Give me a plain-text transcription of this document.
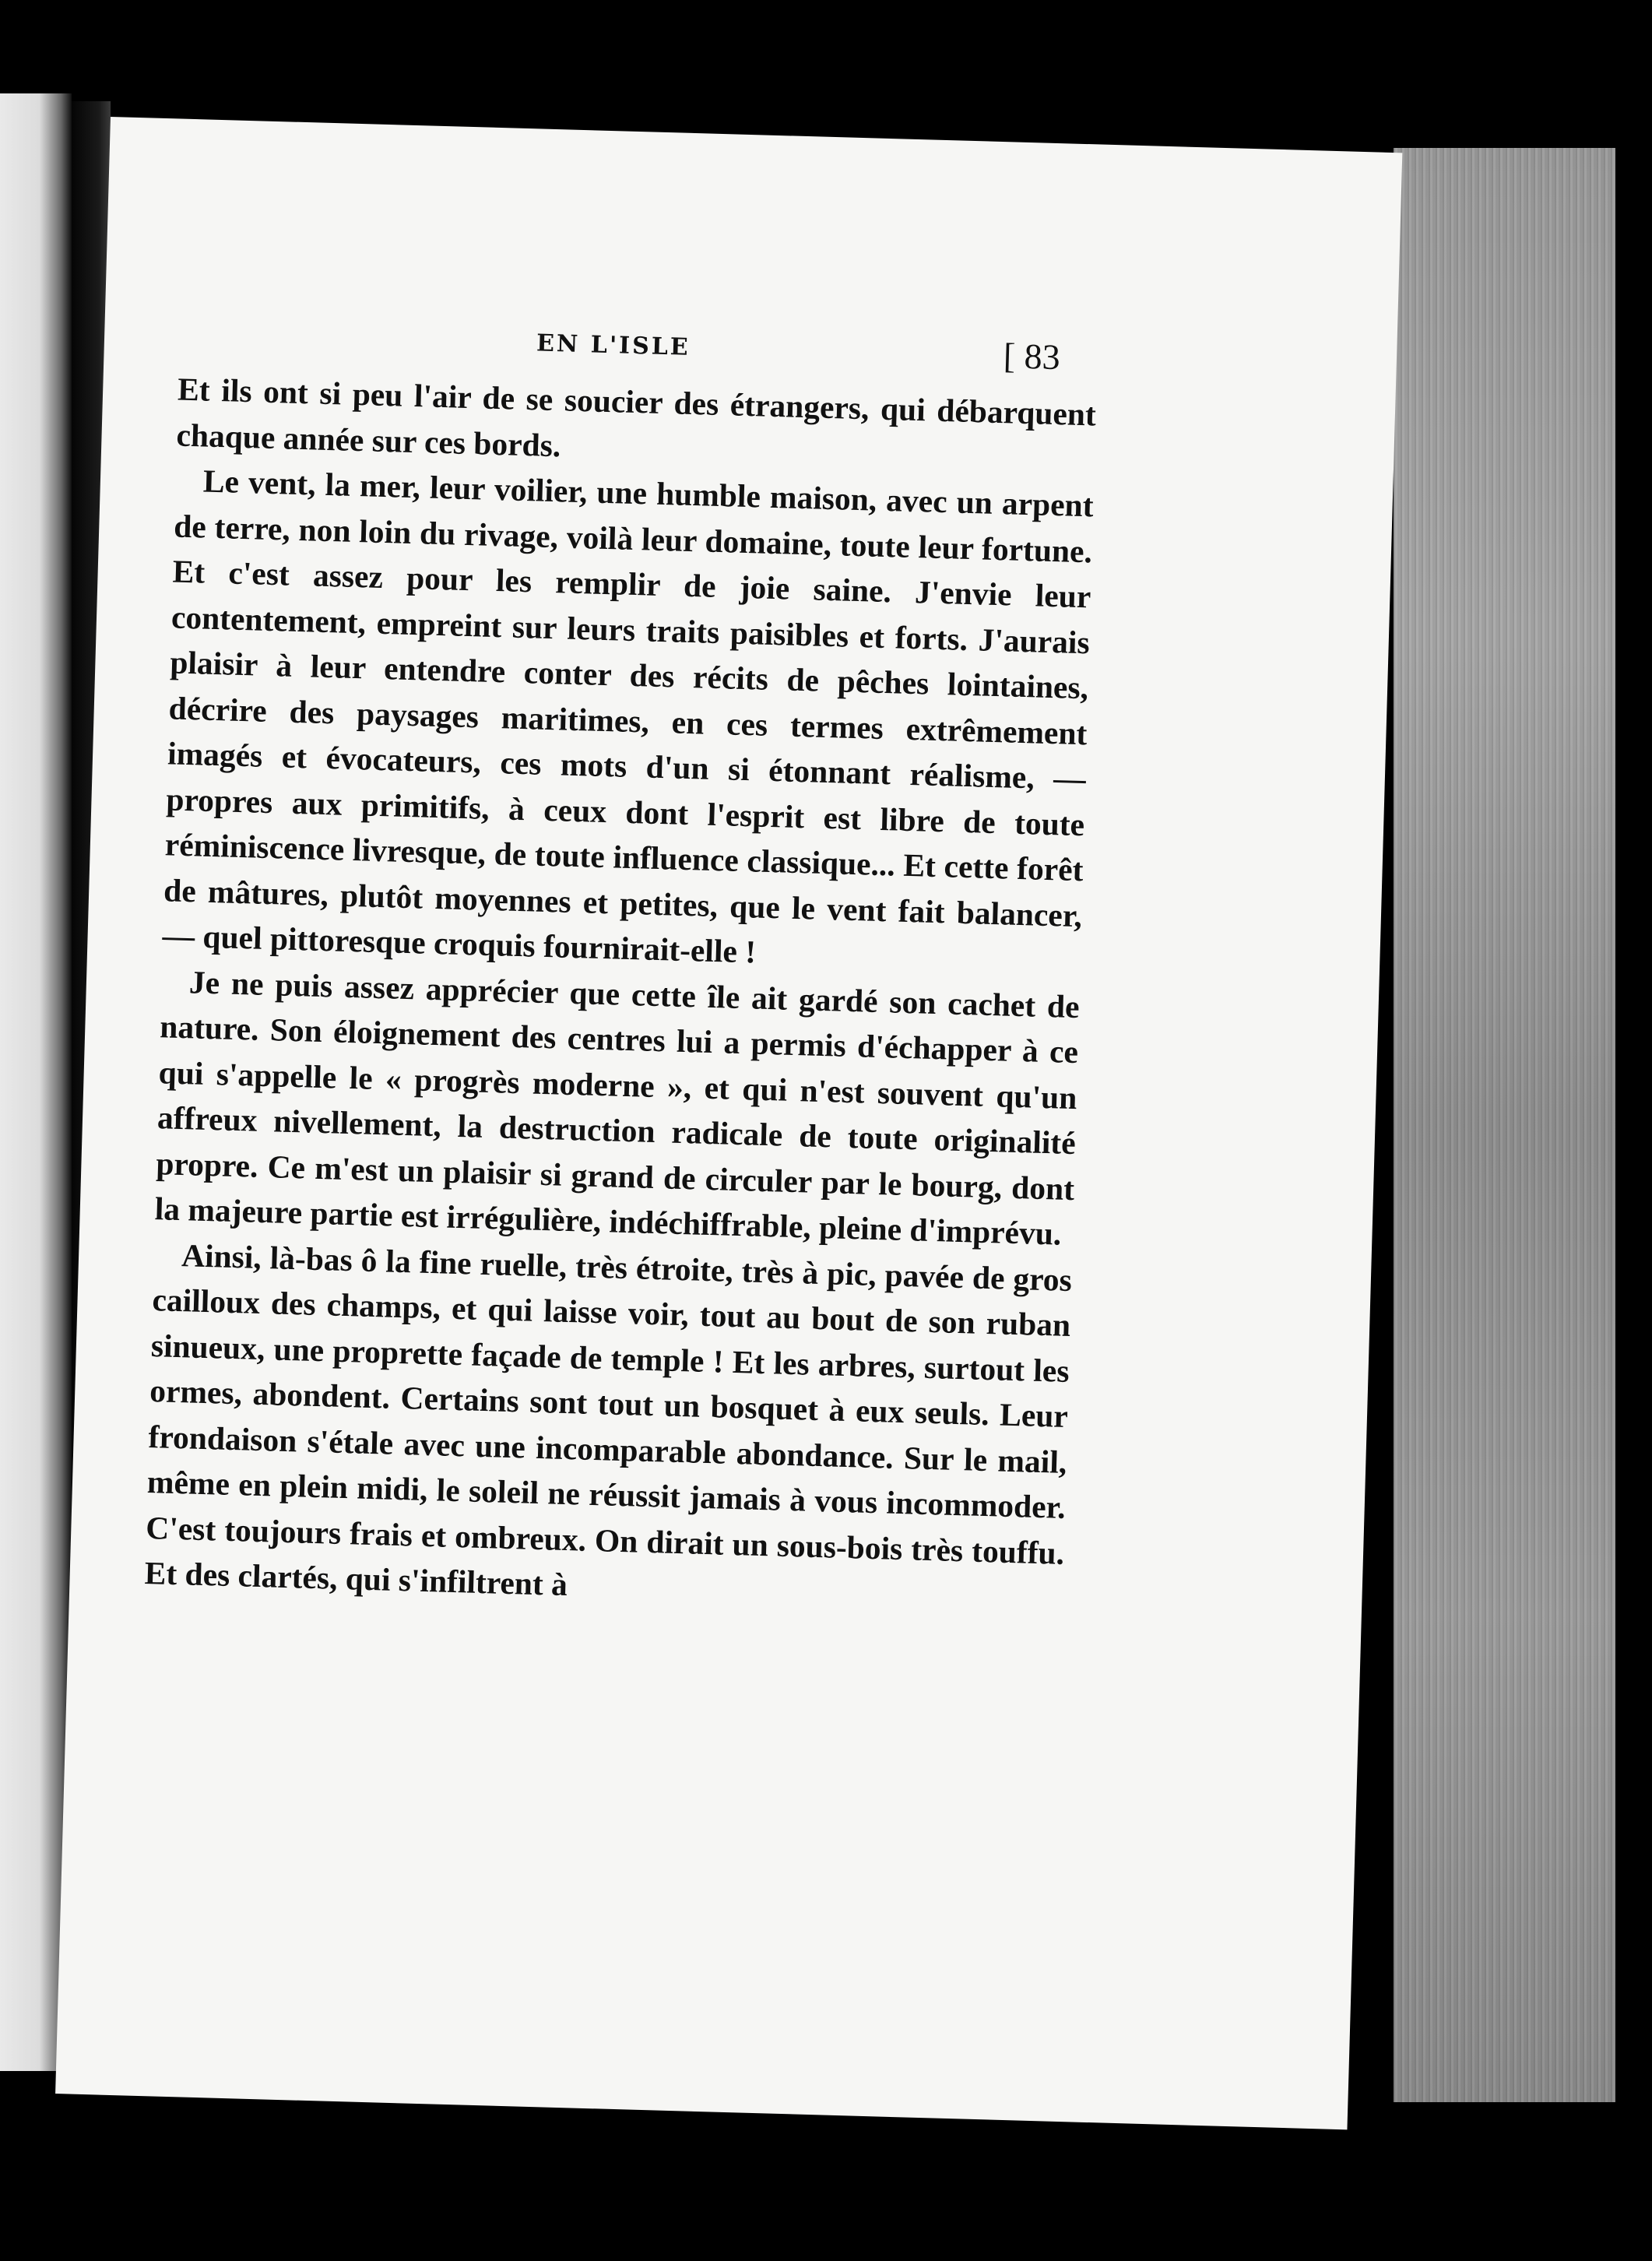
EN L'ISLE	[ 83

Et ils ont si peu l'air de se soucier des étrangers, qui débarquent chaque année sur ces bords.

Le vent, la mer, leur voilier, une humble maison, avec un arpent de terre, non loin du rivage, voilà leur domaine, toute leur fortune. Et c'est assez pour les remplir de joie saine. J'envie leur contentement, empreint sur leurs traits paisibles et forts. J'aurais plaisir à leur entendre conter des récits de pêches lointaines, décrire des paysages maritimes, en ces termes extrêmement imagés et évocateurs, ces mots d'un si étonnant réalisme, — propres aux primitifs, à ceux dont l'esprit est libre de toute réminiscence livresque, de toute influence classique... Et cette forêt de mâtures, plutôt moyennes et petites, que le vent fait balancer, — quel pittoresque croquis fournirait-elle !

Je ne puis assez apprécier que cette île ait gardé son cachet de nature. Son éloignement des centres lui a permis d'échapper à ce qui s'appelle le « progrès moderne », et qui n'est souvent qu'un affreux nivellement, la destruction radicale de toute originalité propre. Ce m'est un plaisir si grand de circuler par le bourg, dont la majeure partie est irrégulière, indéchiffrable, pleine d'imprévu.

Ainsi, là-bas ô la fine ruelle, très étroite, très à pic, pavée de gros cailloux des champs, et qui laisse voir, tout au bout de son ruban sinueux, une proprette façade de temple ! Et les arbres, surtout les ormes, abondent. Certains sont tout un bosquet à eux seuls. Leur frondaison s'étale avec une incomparable abondance. Sur le mail, même en plein midi, le soleil ne réussit jamais à vous incommoder. C'est toujours frais et ombreux. On dirait un sous-bois très touffu. Et des clartés, qui s'infiltrent à
